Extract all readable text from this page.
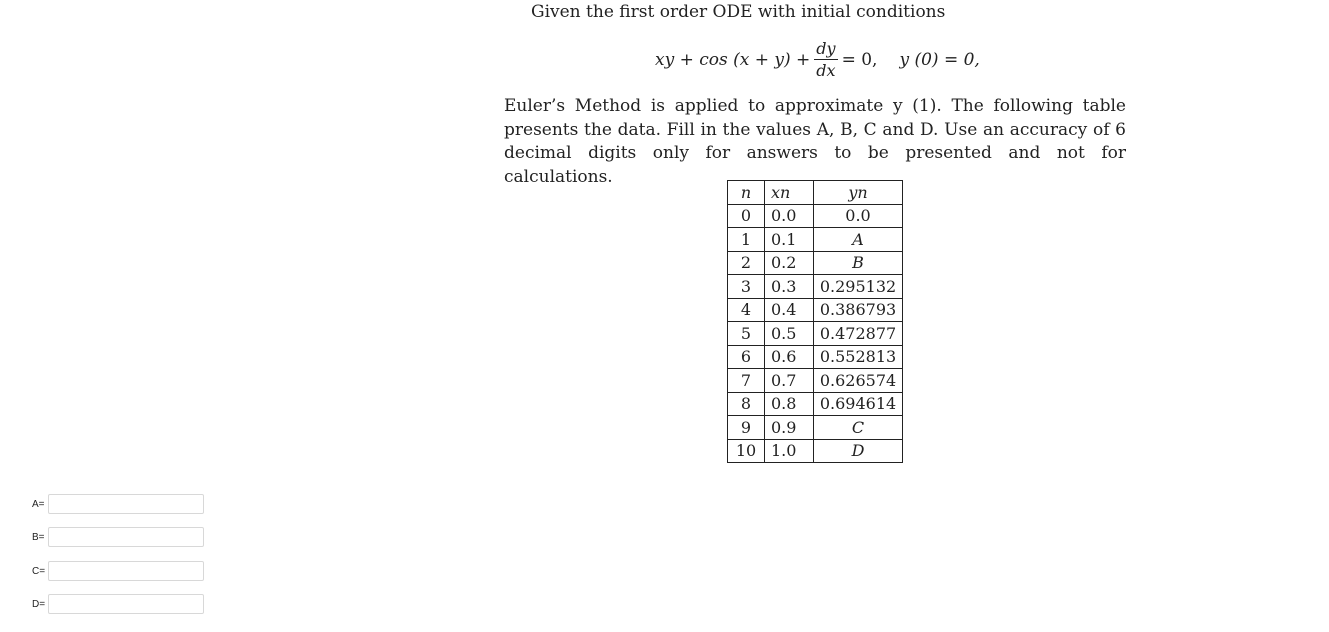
Given the first order ODE with initial conditions
xy + $\cos (x + y) + \frac{dy}{dx} = 0$, y (0) = 0,
Euler’s Method is applied to approximate y (1). The following table presents the data. Fill in the values A, B, C and D. Use an accuracy of 6 decimal digits only for answers to be presented and not for calculations.
n	xn	yn
0	0.0	0.0
1	0.1	A
2	0.2	B
3	0.3	0.295132
4	0.4	0.386793
5	0.5	0.472877
6	0.6	0.552813
7	0.7	0.626574
8	0.8	0.694614
9	0.9	C
10	1.0	D
A=
B=
C=
D=
